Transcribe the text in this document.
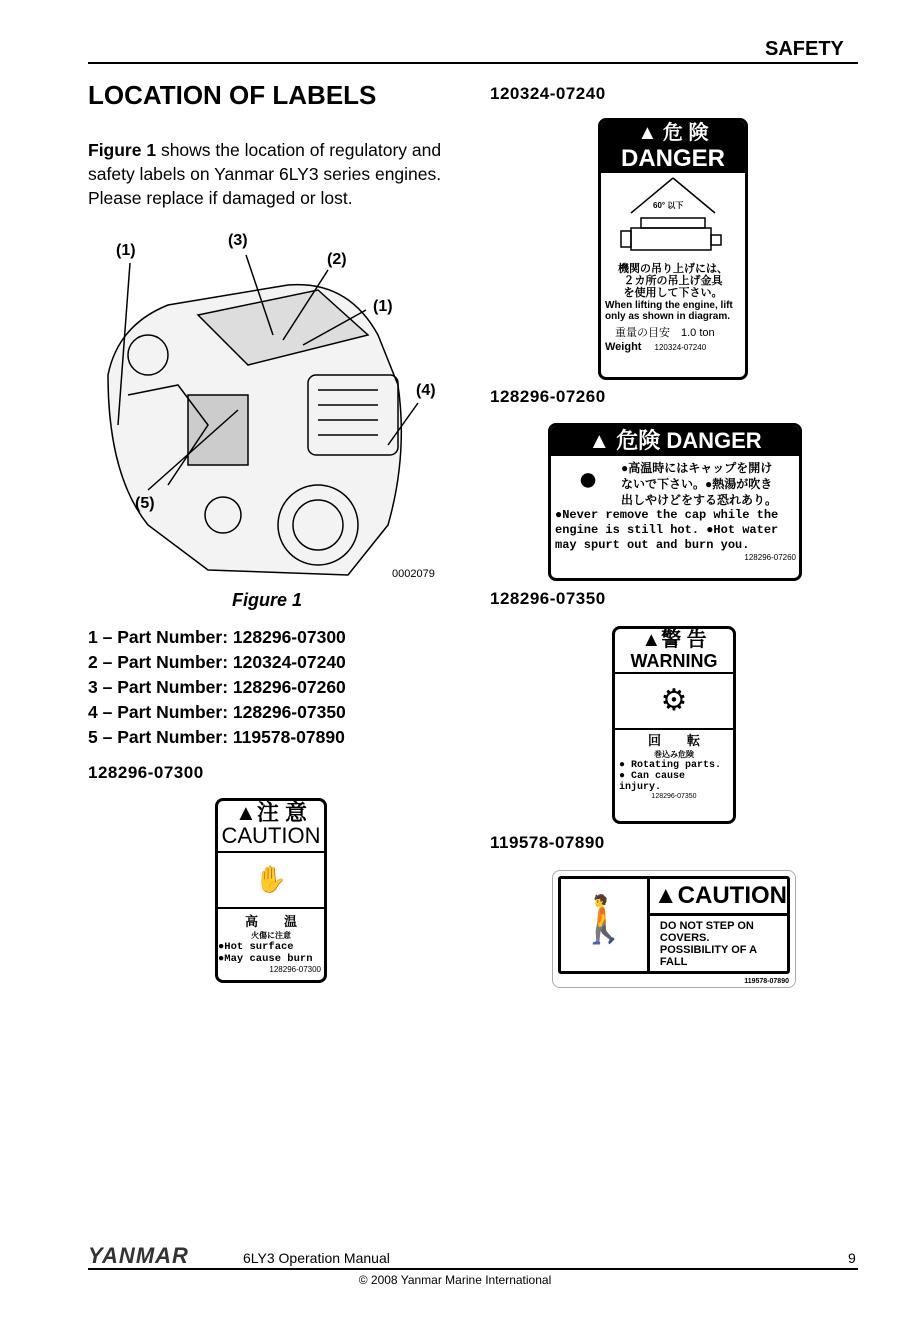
SAFETY
LOCATION OF LABELS
Figure 1 shows the location of regulatory and safety labels on Yanmar 6LY3 series engines. Please replace if damaged or lost.
(1)
(3)
(2)
(1)
(4)
(5)
0002079
Figure 1
1 – Part Number: 128296-07300
2 – Part Number: 120324-07240
3 – Part Number: 128296-07260
4 – Part Number: 128296-07350
5 – Part Number: 119578-07890
128296-07300
▲注 意
CAUTION
✋
高　　温
火傷に注意
●Hot surface
●May cause burn
128296-07300
120324-07240
▲ 危 険
DANGER
60° 以下
機関の吊り上げには、
２カ所の吊上げ金具
を使用して下さい。
When lifting the engine, lift only as shown in diagram.
重量の目安　1.0 ton
Weight 120324-07240
128296-07260
▲ 危険 DANGER
●	●高温時にはキャップを開け
ないで下さい。●熱湯が吹き
出しやけどをする恐れあり。
●Never remove the cap while the engine is still hot. ●Hot water may spurt out and burn you.
128296-07260
128296-07350
▲警 告
WARNING
⚙
回　　転
巻込み危険
● Rotating parts.
● Can cause injury.
128296-07350
119578-07890
🚶 ▲CAUTION
DO NOT STEP ON COVERS. POSSIBILITY OF A FALL
119578-07890
YANMAR	6LY3 Operation Manual	9
© 2008 Yanmar Marine International
